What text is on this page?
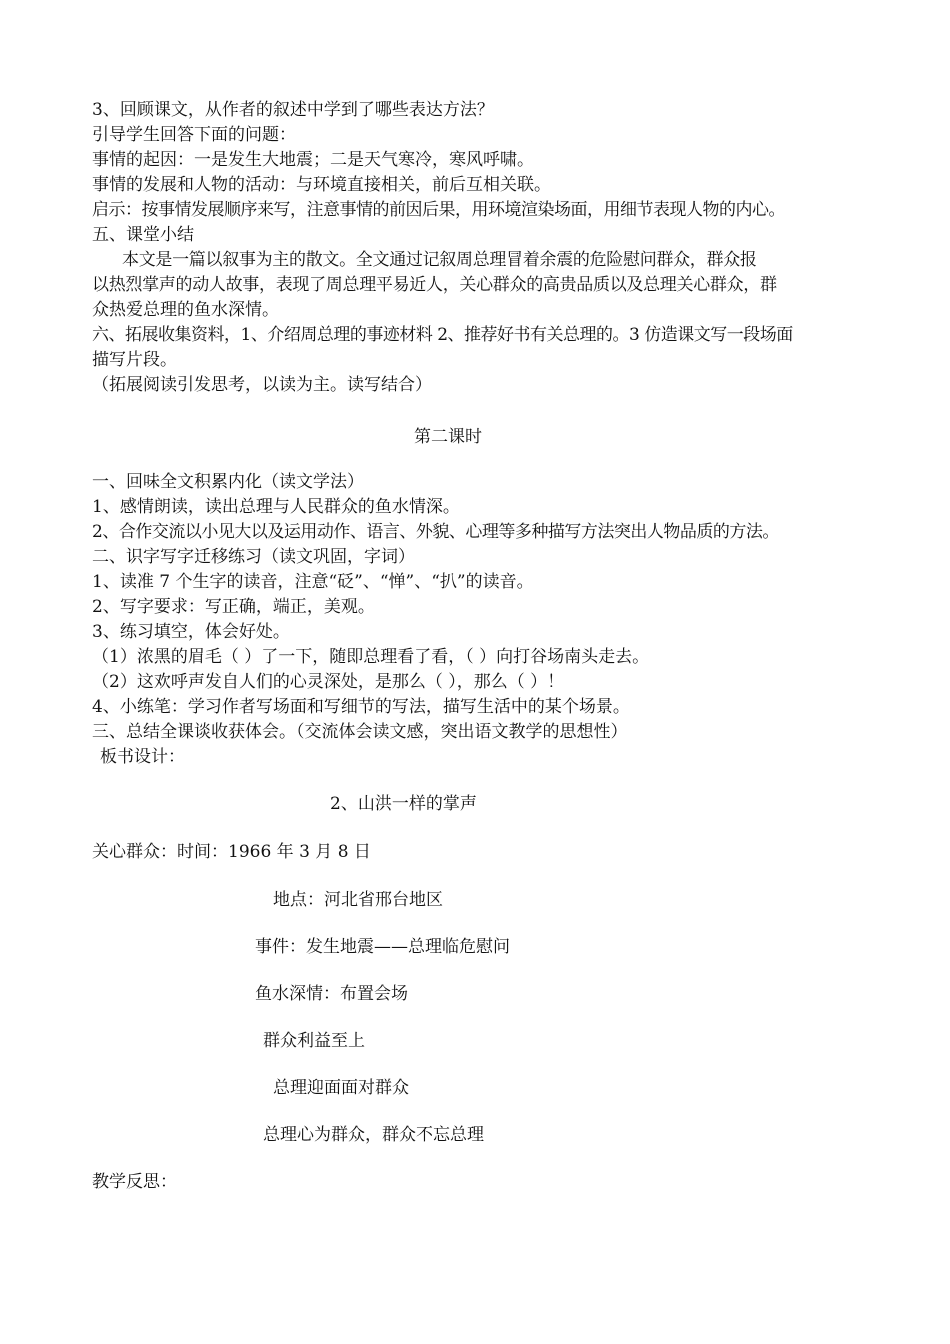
3、回顾课文，从作者的叙述中学到了哪些表达方法？
引导学生回答下面的问题：
事情的起因：一是发生大地震；二是天气寒冷，寒风呼啸。
事情的发展和人物的活动：与环境直接相关，前后互相关联。
启示：按事情发展顺序来写，注意事情的前因后果，用环境渲染场面，用细节表现人物的内心。
五、课堂小结
本文是一篇以叙事为主的散文。全文通过记叙周总理冒着余震的危险慰问群众，群众报
以热烈掌声的动人故事，表现了周总理平易近人，关心群众的高贵品质以及总理关心群众，群
众热爱总理的鱼水深情。
六、拓展收集资料，1、介绍周总理的事迹材料 2、推荐好书有关总理的。3 仿造课文写一段场面
描写片段。
（拓展阅读引发思考，以读为主。读写结合）
第二课时
一、回味全文积累内化（读文学法）
1、感情朗读，读出总理与人民群众的鱼水情深。
2、合作交流以小见大以及运用动作、语言、外貌、心理等多种描写方法突出人物品质的方法。
二、识字写字迁移练习（读文巩固，字词）
1、读准 7 个生字的读音，注意“砭”、“惮”、“扒”的读音。
2、写字要求：写正确，端正，美观。
3、练习填空，体会好处。
（1）浓黑的眉毛（ ）了一下，随即总理看了看，（ ）向打谷场南头走去。
（2）这欢呼声发自人们的心灵深处，是那么（ ），那么（ ）！
4、小练笔：学习作者写场面和写细节的写法，描写生活中的某个场景。
三、总结全课谈收获体会。（交流体会读文感，突出语文教学的思想性）
板书设计：
2、山洪一样的掌声
关心群众：时间：1966 年 3 月 8 日
地点：河北省邢台地区
事件：发生地震——总理临危慰问
鱼水深情：布置会场
群众利益至上
总理迎面面对群众
总理心为群众，群众不忘总理
教学反思：
